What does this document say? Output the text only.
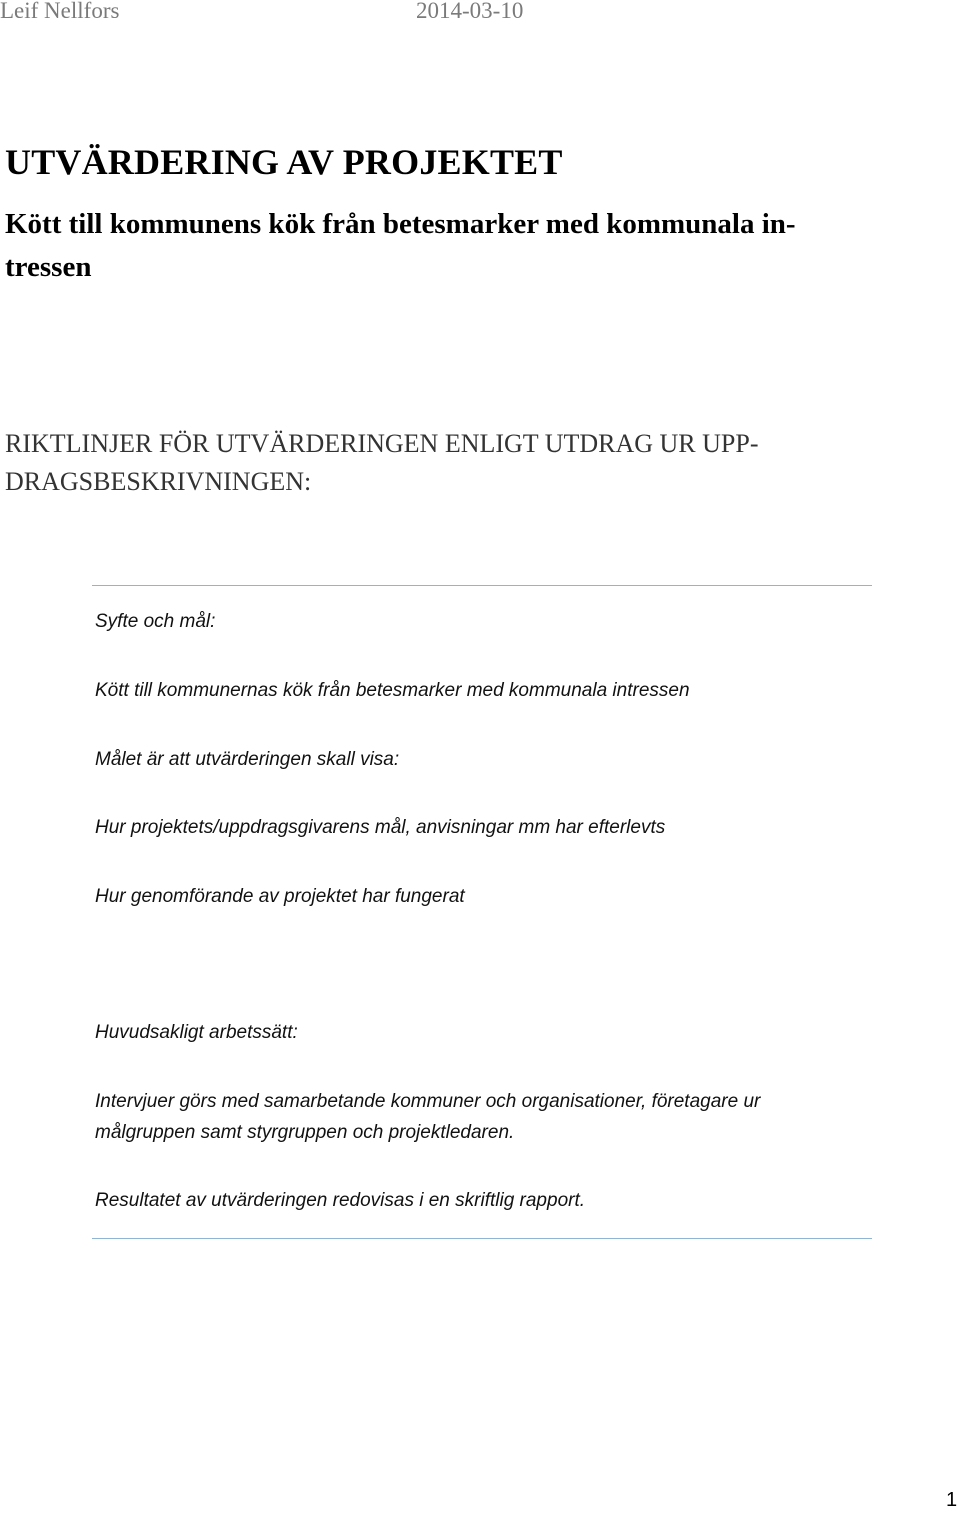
Leif Nellfors	2014-03-10
UTVÄRDERING AV PROJEKTET
Kött till kommunens kök från betesmarker med kommunala in-
tressen
RIKTLINJER FÖR UTVÄRDERINGEN ENLIGT UTDRAG UR UPP-
DRAGSBESKRIVNINGEN:
Syfte och mål:
Kött till kommunernas kök från betesmarker med kommunala intressen
Målet är att utvärderingen skall visa:
Hur projektets/uppdragsgivarens mål, anvisningar mm har efterlevts
Hur genomförande av projektet har fungerat
Huvudsakligt arbetssätt:
Intervjuer görs med samarbetande kommuner och organisationer, företagare ur
målgruppen samt styrgruppen och projektledaren.
Resultatet av utvärderingen redovisas i en skriftlig rapport.
1
